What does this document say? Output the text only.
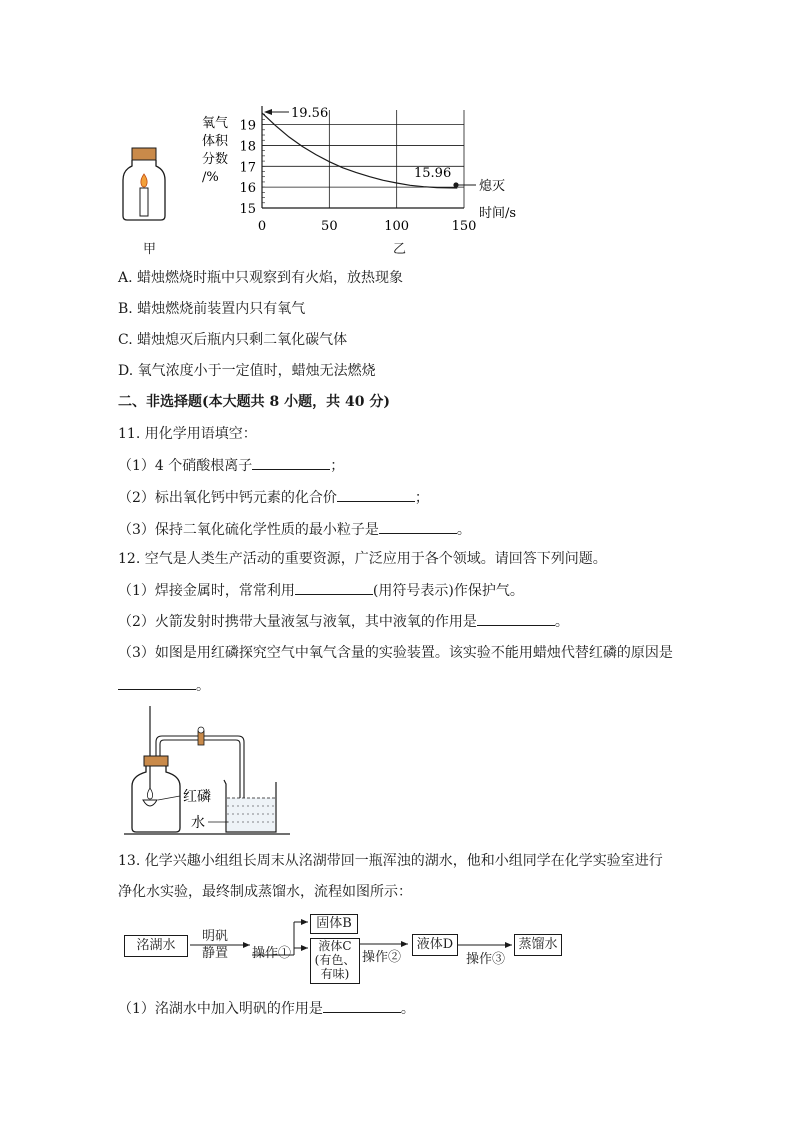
甲
19
18
17
16
15
0	50	100	150
氧气
体积
分数
/%
时间/s
19.56
15.96
熄灭
乙
A. 蜡烛燃烧时瓶中只观察到有火焰，放热现象
B. 蜡烛燃烧前装置内只有氧气
C. 蜡烛熄灭后瓶内只剩二氧化碳气体
D. 氧气浓度小于一定值时，蜡烛无法燃烧
二、非选择题(本大题共 8 小题，共 40 分)
11. 用化学用语填空：
（1）4 个硝酸根离子	；
（2）标出氧化钙中钙元素的化合价	；
（3）保持二氧化硫化学性质的最小粒子是	。
12. 空气是人类生产活动的重要资源，广泛应用于各个领域。请回答下列问题。
（1）焊接金属时，常常利用	(用符号表示)作保护气。
（2）火箭发射时携带大量液氢与液氧，其中液氧的作用是	。
（3）如图是用红磷探究空气中氧气含量的实验装置。该实验不能用蜡烛代替红磷的原因是
。
红磷
水
13. 化学兴趣小组组长周末从洺湖带回一瓶浑浊的湖水，他和小组同学在化学实验室进行
净化水实验，最终制成蒸馏水，流程如图所示：
洺湖水
明矾
静置 操作①
固体B
液体C
(有色、
有味)
操作②
液体D
操作③
蒸馏水
（1）洺湖水中加入明矾的作用是	。
